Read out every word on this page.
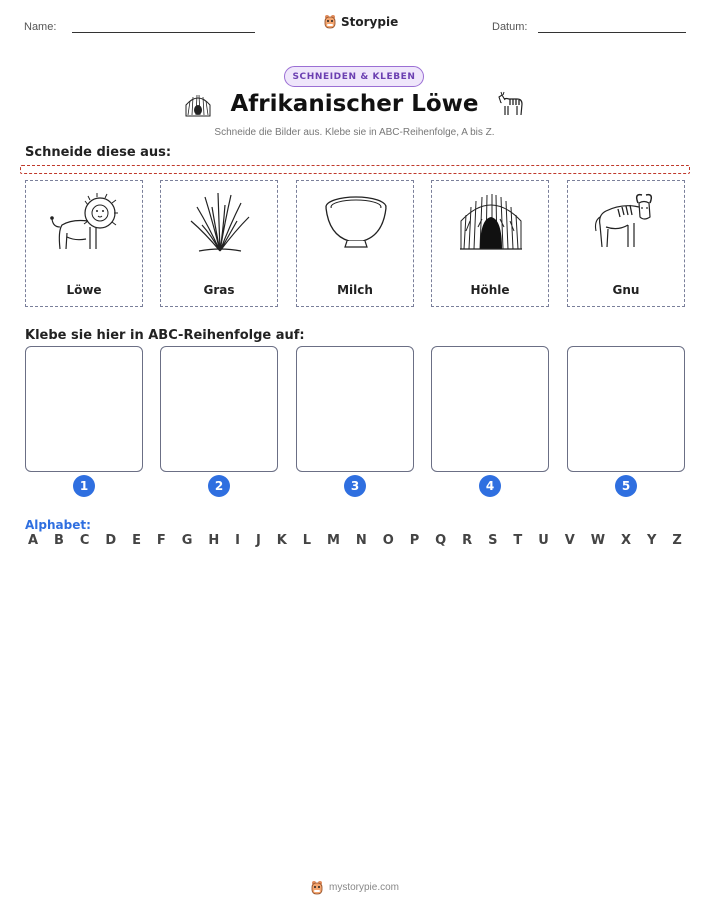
Name:	Storypie	Datum:
SCHNEIDEN & KLEBEN
Afrikanischer Löwe
Schneide die Bilder aus. Klebe sie in ABC-Reihenfolge, A bis Z.
Schneide diese aus:
Löwe	Gras	Milch	Höhle	Gnu
Klebe sie hier in ABC-Reihenfolge auf:
1	2	3	4	5
Alphabet:
A B C D E F G H I J K L M N O P Q R S T U V W X Y Z
mystorypie.com
